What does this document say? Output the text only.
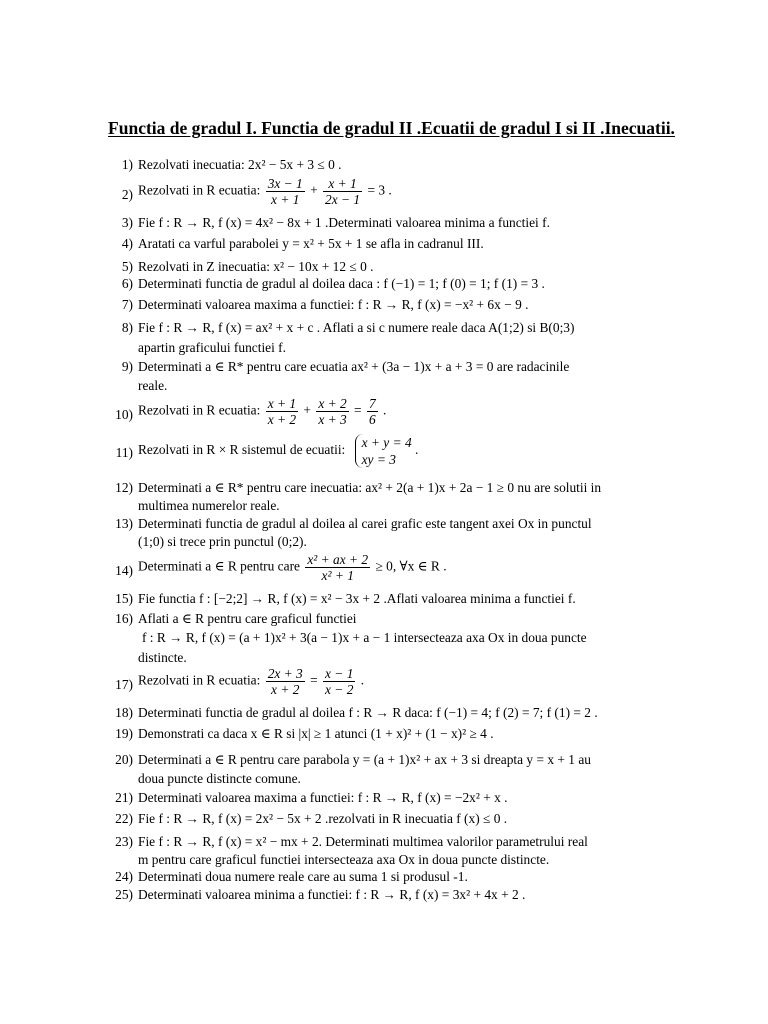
Functia de gradul I. Functia de gradul II .Ecuatii de gradul I si II .Inecuatii.
1) Rezolvati inecuatia: 2x² − 5x + 3 ≤ 0 .
2) Rezolvati in R ecuatia: $\frac{3x - 1}{x + 1} + \frac{x + 1}{2x - 1} = 3$ .
3) Fie f : R → R, f (x) = 4x² − 8x + 1 .Determinati valoarea minima a functiei f.
4) Aratati ca varful parabolei y = x² + 5x + 1 se afla in cadranul III.
5) Rezolvati in Z inecuatia: x² − 10x + 12 ≤ 0 .
6) Determinati functia de gradul al doilea daca : f (−1) = 1; f (0) = 1; f (1) = 3 .
7) Determinati valoarea maxima a functiei: f : R → R, f (x) = −x² + 6x − 9 .
8) Fie f : R → R, f (x) = ax² + x + c . Aflati a si c numere reale daca A(1;2) si B(0;3)
apartin graficului functiei f.
9) Determinati a ∈ R* pentru care ecuatia ax² + (3a − 1)x + a + 3 = 0 are radacinile
reale.
10) Rezolvati in R ecuatia: $\frac{x + 1}{x + 2} + \frac{x + 2}{x + 3} = \frac{7}{6}$ .
11) Rezolvati in R × R sistemul de ecuatii: x + y = 4
xy = 3
.
12) Determinati a ∈ R* pentru care inecuatia: ax² + 2(a + 1)x + 2a − 1 ≥ 0 nu are solutii in
multimea numerelor reale.
13) Determinati functia de gradul al doilea al carei grafic este tangent axei Ox in punctul
(1;0) si trece prin punctul (0;2).
14) Determinati a ∈ R pentru care $\frac{\text{x² + ax + 2}}{\text{x² + 1}} \ge 0$, ∀x ∈ R .
15) Fie functia f : [−2;2] → R, f (x) = x² − 3x + 2 .Aflati valoarea minima a functiei f.
16) Aflati a ∈ R pentru care graficul functiei
f : R → R, f (x) = (a + 1)x² + 3(a − 1)x + a − 1 intersecteaza axa Ox in doua puncte
distincte.
17) Rezolvati in R ecuatia: $\frac{2x + 3}{x + 2} = \frac{x - 1}{x - 2}$ .
18) Determinati functia de gradul al doilea f : R → R daca: f (−1) = 4; f (2) = 7; f (1) = 2 .
19) Demonstrati ca daca x ∈ R si |x| ≥ 1 atunci (1 + x)² + (1 − x)² ≥ 4 .
20) Determinati a ∈ R pentru care parabola y = (a + 1)x² + ax + 3 si dreapta y = x + 1 au
doua puncte distincte comune.
21) Determinati valoarea maxima a functiei: f : R → R, f (x) = −2x² + x .
22) Fie f : R → R, f (x) = 2x² − 5x + 2 .rezolvati in R inecuatia f (x) ≤ 0 .
23) Fie f : R → R, f (x) = x² − mx + 2. Determinati multimea valorilor parametrului real
m pentru care graficul functiei intersecteaza axa Ox in doua puncte distincte.
24) Determinati doua numere reale care au suma 1 si produsul -1.
25) Determinati valoarea minima a functiei: f : R → R, f (x) = 3x² + 4x + 2 .
